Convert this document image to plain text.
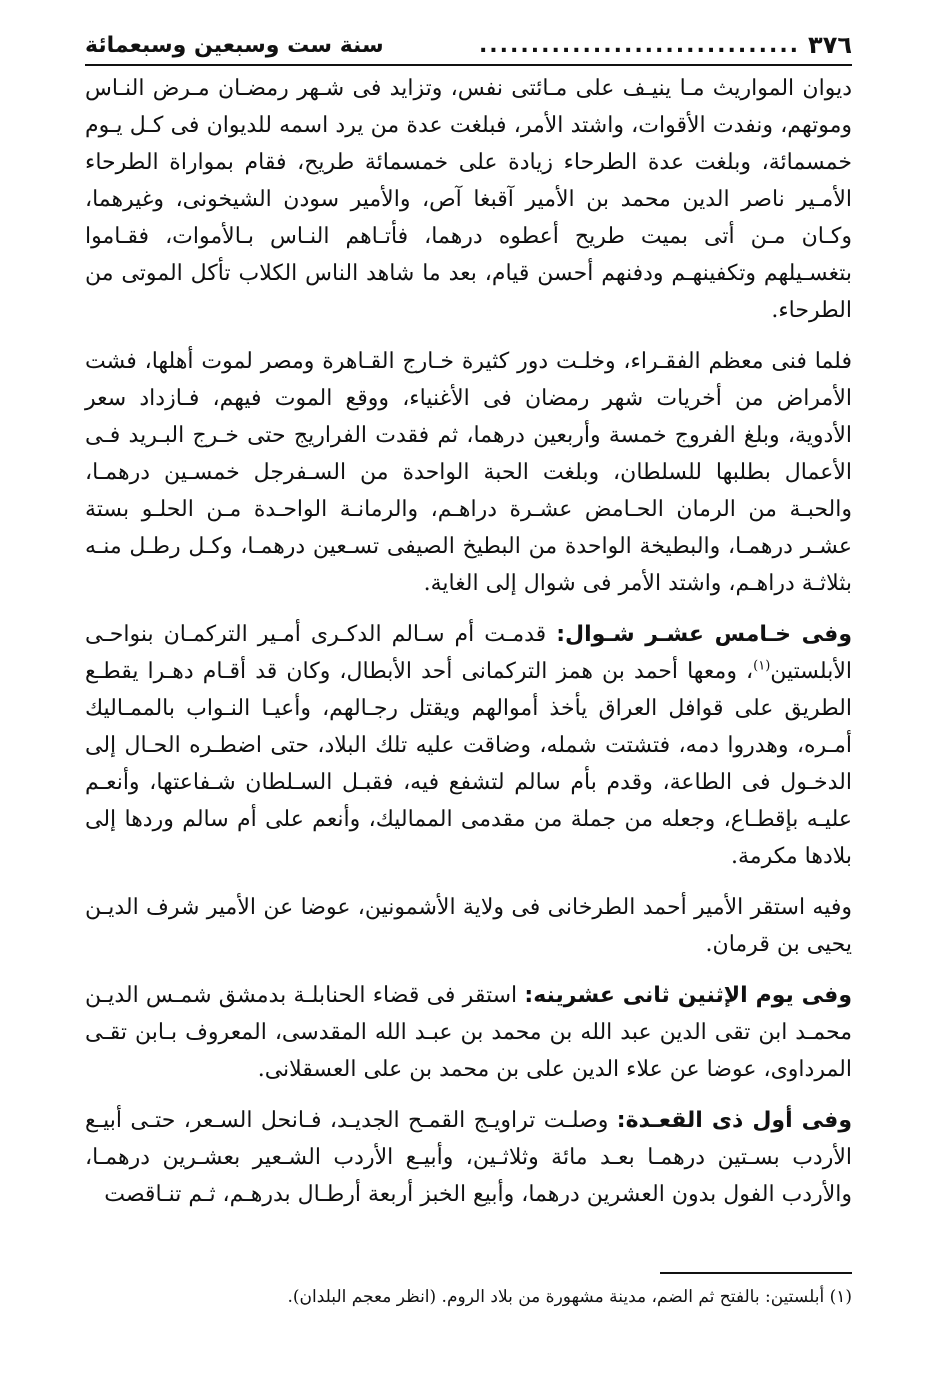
٣٧٦
...............................
سنة ست وسبعين وسبعمائة

ديوان المواريث مـا ينيـف على مـائتى نفس، وتزايد فى شـهر رمضـان مـرض النـاس وموتهم، ونفدت الأقوات، واشتد الأمر، فبلغت عدة من يرد اسمه للديوان فى كـل يـوم خمسمائة، وبلغت عدة الطرحاء زيادة على خمسمائة طريح، فقام بمواراة الطرحاء الأمـير ناصر الدين محمد بن الأمير آقبغا آص، والأمير سودن الشيخونى، وغيرهما، وكـان مـن أتى بميت طريح أعطوه درهما، فأتـاهم النـاس بـالأموات، فقـاموا بتغسـيلهم وتكفينهـم ودفنهم أحسن قيام، بعد ما شاهد الناس الكلاب تأكل الموتى من الطرحاء.

فلما فنى معظم الفقـراء، وخلـت دور كثيرة خـارج القـاهرة ومصر لموت أهلها، فشت الأمراض من أخريات شهر رمضان فى الأغنياء، ووقع الموت فيهم، فـازداد سعر الأدوية، وبلغ الفروج خمسة وأربعين درهما، ثم فقدت الفراريج حتى خـرج البـريد فـى الأعمال بطلبها للسلطان، وبلغت الحبة الواحدة من السـفرجل خمسـين درهمـا، والحبـة من الرمان الحـامض عشـرة دراهـم، والرمانـة الواحـدة مـن الحلـو بستة عشـر درهمـا، والبطيخة الواحدة من البطيخ الصيفى تسـعين درهمـا، وكـل رطـل منـه بثلاثـة دراهـم، واشتد الأمر فى شوال إلى الغاية.

وفى خـامس عشـر شـوال: قدمـت أم سـالم الدكـرى أمـير التركمـان بنواحـى الأبلستين$^{(١)}$، ومعها أحمد بن همز التركمانى أحد الأبطال، وكان قد أقـام دهـرا يقطـع الطريق على قوافل العراق يأخذ أموالهم ويقتل رجـالهم، وأعيـا النـواب بالممـاليك أمـره، وهدروا دمه، فتشتت شمله، وضاقت عليه تلك البلاد، حتى اضطـره الحـال إلى الدخـول فى الطاعة، وقدم بأم سالم لتشفع فيه، فقبـل السـلطان شـفاعتها، وأنعـم عليـه بإقطـاع، وجعله من جملة من مقدمى المماليك، وأنعم على أم سالم وردها إلى بلادها مكرمة.

وفيه استقر الأمير أحمد الطرخانى فى ولاية الأشمونين، عوضا عن الأمير شرف الديـن يحيى بن قرمان.

وفى يوم الإثنين ثانى عشرينه: استقر فى قضاء الحنابلـة بدمشق شمـس الديـن محمـد ابن تقى الدين عبد الله بن محمد بن عبـد الله المقدسى، المعروف بـابن تقـى المرداوى، عوضا عن علاء الدين على بن محمد بن على العسقلانى.

وفى أول ذى القعـدة: وصلـت تراويـج القمـح الجديـد، فـانحل السـعر، حتـى أبيـع الأردب بسـتين درهمـا بعـد مائة وثلاثـين، وأبيـع الأردب الشـعير بعشـرين درهمـا، والأردب الفول بدون العشرين درهما، وأبيع الخبز أربعة أرطـال بدرهـم، ثـم تنـاقصت

(١) أبلستين: بالفتح ثم الضم، مدينة مشهورة من بلاد الروم. (انظر معجم البلدان).
